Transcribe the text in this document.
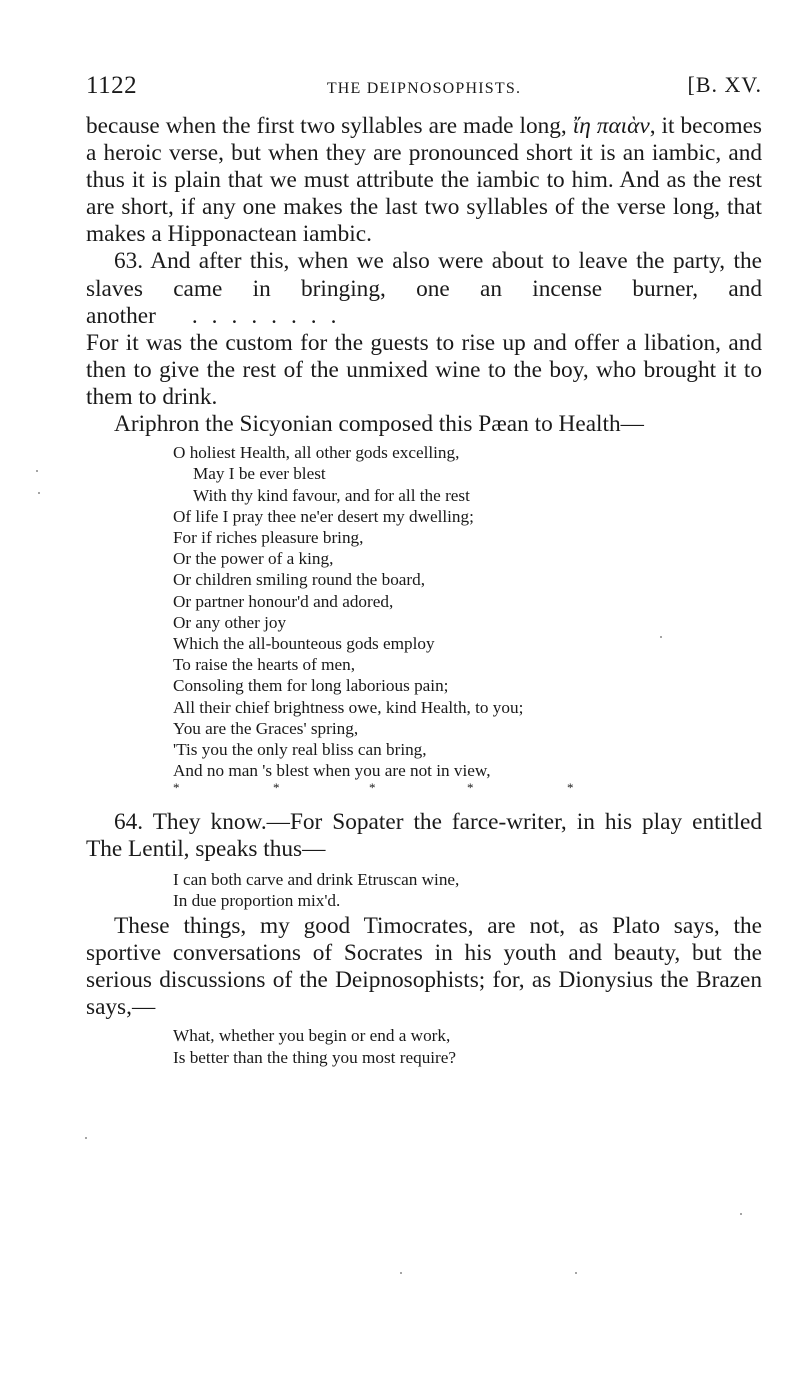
1122	THE DEIPNOSOPHISTS.	[B. XV.

because when the first two syllables are made long, ἴη παιὰν, it becomes a heroic verse, but when they are pronounced short it is an iambic, and thus it is plain that we must attribute the iambic to him. And as the rest are short, if any one makes the last two syllables of the verse long, that makes a Hipponactean iambic.

63. And after this, when we also were about to leave the party, the slaves came in bringing, one an incense burner, and another ........

For it was the custom for the guests to rise up and offer a libation, and then to give the rest of the unmixed wine to the boy, who brought it to them to drink.

Ariphron the Sicyonian composed this Pæan to Health—

O holiest Health, all other gods excelling,
May I be ever blest
With thy kind favour, and for all the rest
Of life I pray thee ne'er desert my dwelling;
For if riches pleasure bring,
Or the power of a king,
Or children smiling round the board,
Or partner honour'd and adored,
Or any other joy
Which the all-bounteous gods employ
To raise the hearts of men,
Consoling them for long laborious pain;
All their chief brightness owe, kind Health, to you;
You are the Graces' spring,
'Tis you the only real bliss can bring,
And no man 's blest when you are not in view,
*	*	*	*	*

64. They know.—For Sopater the farce-writer, in his play entitled The Lentil, speaks thus—

I can both carve and drink Etruscan wine,
In due proportion mix'd.

These things, my good Timocrates, are not, as Plato says, the sportive conversations of Socrates in his youth and beauty, but the serious discussions of the Deipnosophists; for, as Dionysius the Brazen says,—

What, whether you begin or end a work,
Is better than the thing you most require?
